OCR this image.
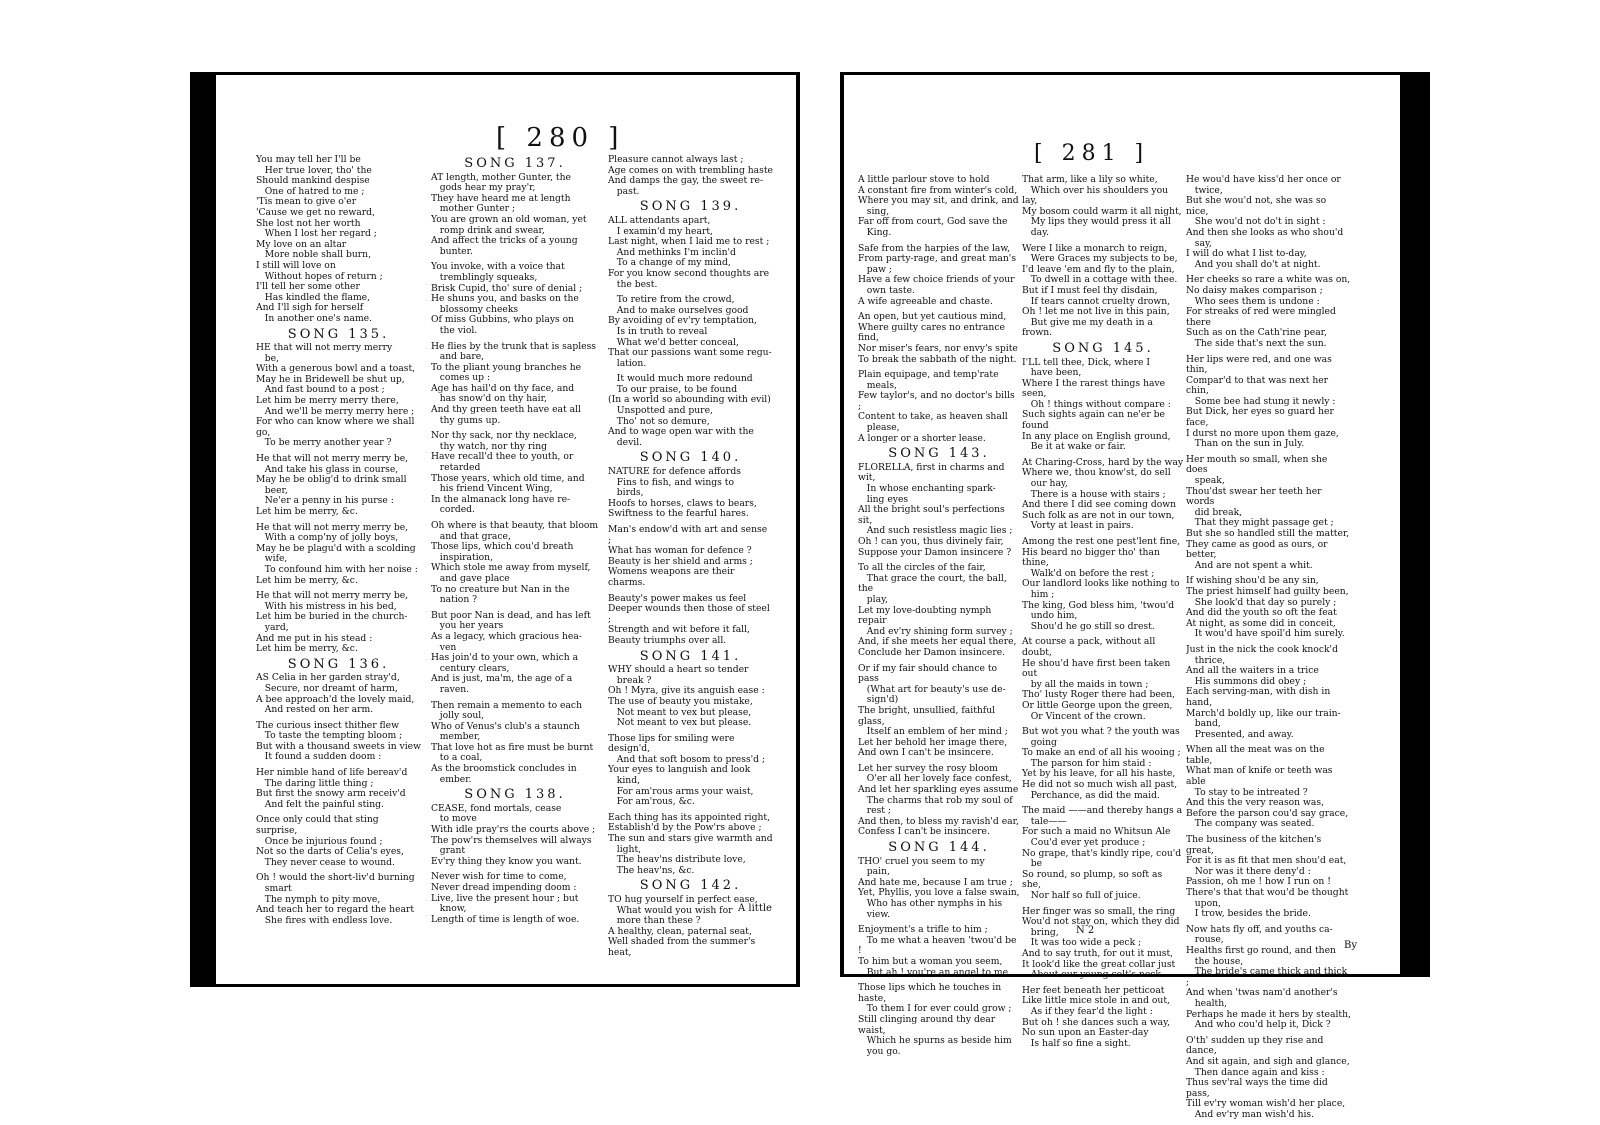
[ 280 ]
You may tell her I'll be
Her true lover, tho' the
Should mankind despise
One of hatred to me ;
'Tis mean to give o'er
'Cause we get no reward,
She lost not her worth
When I lost her regard ;
My love on an altar
More noble shall burn,
I still will love on
Without hopes of return ;
I'll tell her some other
Has kindled the flame,
And I'll sigh for herself
In another one's name.
SONG 135.
HE that will not merry merry
be,
With a generous bowl and a toast,
May he in Bridewell be shut up,
And fast bound to a post ;
Let him be merry merry there,
And we'll be merry merry here ;
For who can know where we shall go,
To be merry another year ?
He that will not merry merry be,
And take his glass in course,
May he be oblig'd to drink small
beer,
Ne'er a penny in his purse :
Let him be merry, &c.
He that will not merry merry be,
With a comp'ny of jolly boys,
May he be plagu'd with a scolding
wife,
To confound him with her noise :
Let him be merry, &c.
He that will not merry merry be,
With his mistress in his bed,
Let him be buried in the church-
yard,
And me put in his stead :
Let him be merry, &c.
SONG 136.
AS Celia in her garden stray'd,
Secure, nor dreamt of harm,
A bee approach'd the lovely maid,
And rested on her arm.
The curious insect thither flew
To taste the tempting bloom ;
But with a thousand sweets in view
It found a sudden doom :
Her nimble hand of life bereav'd
The daring little thing ;
But first the snowy arm receiv'd
And felt the painful sting.
Once only could that sting surprise,
Once be injurious found ;
Not so the darts of Celia's eyes,
They never cease to wound.
Oh ! would the short-liv'd burning
smart
The nymph to pity move,
And teach her to regard the heart
She fires with endless love.
SONG 137.
AT length, mother Gunter, the
gods hear my pray'r,
They have heard me at length
mother Gunter ;
You are grown an old woman, yet
romp drink and swear,
And affect the tricks of a young
bunter.
You invoke, with a voice that
tremblingly squeaks,
Brisk Cupid, tho' sure of denial ;
He shuns you, and basks on the
blossomy cheeks
Of miss Gubbins, who plays on
the viol.
He flies by the trunk that is sapless
and bare,
To the pliant young branches he
comes up :
Age has hail'd on thy face, and
has snow'd on thy hair,
And thy green teeth have eat all
thy gums up.
Nor thy sack, nor thy necklace,
thy watch, nor thy ring
Have recall'd thee to youth, or
retarded
Those years, which old time, and
his friend Vincent Wing,
In the almanack long have re-
corded.
Oh where is that beauty, that bloom
and that grace,
Those lips, which cou'd breath
inspiration,
Which stole me away from myself,
and gave place
To no creature but Nan in the
nation ?
But poor Nan is dead, and has left
you her years
As a legacy, which gracious hea-
ven
Has join'd to your own, which a
century clears,
And is just, ma'm, the age of a
raven.
Then remain a memento to each
jolly soul,
Who of Venus's club's a staunch
member,
That love hot as fire must be burnt
to a coal,
As the broomstick concludes in
ember.
SONG 138.
CEASE, fond mortals, cease
to move
With idle pray'rs the courts above ;
The pow'rs themselves will always
grant
Ev'ry thing they know you want.
Never wish for time to come,
Never dread impending doom :
Live, live the present hour ; but
know,
Length of time is length of woe.
Pleasure cannot always last ;
Age comes on with trembling haste
And damps the gay, the sweet re-
past.
SONG 139.
ALL attendants apart,
I examin'd my heart,
Last night, when I laid me to rest ;
And methinks I'm inclin'd
To a change of my mind,
For you know second thoughts are
the best.
To retire from the crowd,
And to make ourselves good
By avoiding of ev'ry temptation,
Is in truth to reveal
What we'd better conceal,
That our passions want some regu-
lation.
It would much more redound
To our praise, to be found
(In a world so abounding with evil)
Unspotted and pure,
Tho' not so demure,
And to wage open war with the
devil.
SONG 140.
NATURE for defence affords
Fins to fish, and wings to
birds,
Hoofs to horses, claws to bears,
Swiftness to the fearful hares.
Man's endow'd with art and sense ;
What has woman for defence ?
Beauty is her shield and arms ;
Womens weapons are their charms.
Beauty's power makes us feel
Deeper wounds then those of steel ;
Strength and wit before it fall,
Beauty triumphs over all.
SONG 141.
WHY should a heart so tender
break ?
Oh ! Myra, give its anguish ease :
The use of beauty you mistake,
Not meant to vex but please,
Not meant to vex but please.
Those lips for smiling were design'd,
And that soft bosom to press'd ;
Your eyes to languish and look
kind,
For am'rous arms your waist,
For am'rous, &c.
Each thing has its appointed right,
Establish'd by the Pow'rs above ;
The sun and stars give warmth and
light,
The heav'ns distribute love,
The heav'ns, &c.
SONG 142.
TO hug yourself in perfect ease,
What would you wish for
more than these ?
A healthy, clean, paternal seat,
Well shaded from the summer's heat,
A little
[ 281 ]
A little parlour stove to hold
A constant fire from winter's cold,
Where you may sit, and drink, and
sing,
Far off from court, God save the
King.
Safe from the harpies of the law,
From party-rage, and great man's
paw ;
Have a few choice friends of your
own taste.
A wife agreeable and chaste.
An open, but yet cautious mind,
Where guilty cares no entrance find,
Nor miser's fears, nor envy's spite
To break the sabbath of the night.
Plain equipage, and temp'rate
meals,
Few taylor's, and no doctor's bills ;
Content to take, as heaven shall
please,
A longer or a shorter lease.
SONG 143.
FLORELLA, first in charms and wit,
In whose enchanting spark-
ling eyes
All the bright soul's perfections sit,
And such resistless magic lies ;
Oh ! can you, thus divinely fair,
Suppose your Damon insincere ?
To all the circles of the fair,
That grace the court, the ball, the
play,
Let my love-doubting nymph repair
And ev'ry shining form survey ;
And, if she meets her equal there,
Conclude her Damon insincere.
Or if my fair should chance to pass
(What art for beauty's use de-
sign'd)
The bright, unsullied, faithful glass,
Itself an emblem of her mind ;
Let her behold her image there,
And own I can't be insincere.
Let her survey the rosy bloom
O'er all her lovely face confest,
And let her sparkling eyes assume
The charms that rob my soul of
rest ;
And then, to bless my ravish'd ear,
Confess I can't be insincere.
SONG 144.
THO' cruel you seem to my
pain,
And hate me, because I am true ;
Yet, Phyllis, you love a false swain,
Who has other nymphs in his
view.
Enjoyment's a trifle to him ;
To me what a heaven 'twou'd be !
To him but a woman you seem,
But ah ! you're an angel to me.
Those lips which he touches in haste,
To them I for ever could grow ;
Still clinging around thy dear waist,
Which he spurns as beside him
you go.
That arm, like a lily so white,
Which over his shoulders you lay,
My bosom could warm it all night,
My lips they would press it all
day.
Were I like a monarch to reign,
Were Graces my subjects to be,
I'd leave 'em and fly to the plain,
To dwell in a cottage with thee.
But if I must feel thy disdain,
If tears cannot cruelty drown,
Oh ! let me not live in this pain,
But give me my death in a frown.
SONG 145.
I'LL tell thee, Dick, where I
have been,
Where I the rarest things have seen,
Oh ! things without compare :
Such sights again can ne'er be found
In any place on English ground,
Be it at wake or fair.
At Charing-Cross, hard by the way
Where we, thou know'st, do sell
our hay,
There is a house with stairs ;
And there I did see coming down
Such folk as are not in our town,
Vorty at least in pairs.
Among the rest one pest'lent fine,
His beard no bigger tho' than thine,
Walk'd on before the rest ;
Our landlord looks like nothing to
him ;
The king, God bless him, 'twou'd
undo him,
Shou'd he go still so drest.
At course a pack, without all doubt,
He shou'd have first been taken out
by all the maids in town ;
Tho' lusty Roger there had been,
Or little George upon the green,
Or Vincent of the crown.
But wot you what ? the youth was
going
To make an end of all his wooing ;
The parson for him staid :
Yet by his leave, for all his haste,
He did not so much wish all past,
Perchance, as did the maid.
The maid ——and thereby hangs a
tale——
For such a maid no Whitsun Ale
Cou'd ever yet produce ;
No grape, that's kindly ripe, cou'd
be
So round, so plump, so soft as she,
Nor half so full of juice.
Her finger was so small, the ring
Wou'd not stay on, which they did
bring,
It was too wide a peck ;
And to say truth, for out it must,
It look'd like the great collar just
About our young colt's neck.
Her feet beneath her petticoat
Like little mice stole in and out,
As if they fear'd the light :
But oh ! she dances such a way,
No sun upon an Easter-day
Is half so fine a sight.
He wou'd have kiss'd her once or
twice,
But she wou'd not, she was so nice,
She wou'd not do't in sight :
And then she looks as who shou'd
say,
I will do what I list to-day,
And you shall do't at night.
Her cheeks so rare a white was on,
No daisy makes comparison ;
Who sees them is undone :
For streaks of red were mingled there
Such as on the Cath'rine pear,
The side that's next the sun.
Her lips were red, and one was thin,
Compar'd to that was next her chin,
Some bee had stung it newly :
But Dick, her eyes so guard her face,
I durst no more upon them gaze,
Than on the sun in July.
Her mouth so small, when she does
speak,
Thou'dst swear her teeth her words
did break,
That they might passage get ;
But she so handled still the matter,
They came as good as ours, or better,
And are not spent a whit.
If wishing shou'd be any sin,
The priest himself had guilty been,
She look'd that day so purely ;
And did the youth so oft the feat
At night, as some did in conceit,
It wou'd have spoil'd him surely.
Just in the nick the cook knock'd
thrice,
And all the waiters in a trice
His summons did obey ;
Each serving-man, with dish in hand,
March'd boldly up, like our train-
band,
Presented, and away.
When all the meat was on the table,
What man of knife or teeth was able
To stay to be intreated ?
And this the very reason was,
Before the parson cou'd say grace,
The company was seated.
The business of the kitchen's great,
For it is as fit that men shou'd eat,
Nor was it there deny'd :
Passion, oh me ! how I run on !
There's that that wou'd be thought
upon,
I trow, besides the bride.
Now hats fly off, and youths ca-
rouse,
Healths first go round, and then
the house,
The bride's came thick and thick ;
And when 'twas nam'd another's
health,
Perhaps he made it hers by stealth,
And who cou'd help it, Dick ?
O'th' sudden up they rise and dance,
And sit again, and sigh and glance,
Then dance again and kiss :
Thus sev'ral ways the time did pass,
Till ev'ry woman wish'd her place,
And ev'ry man wish'd his.
N 2
By
